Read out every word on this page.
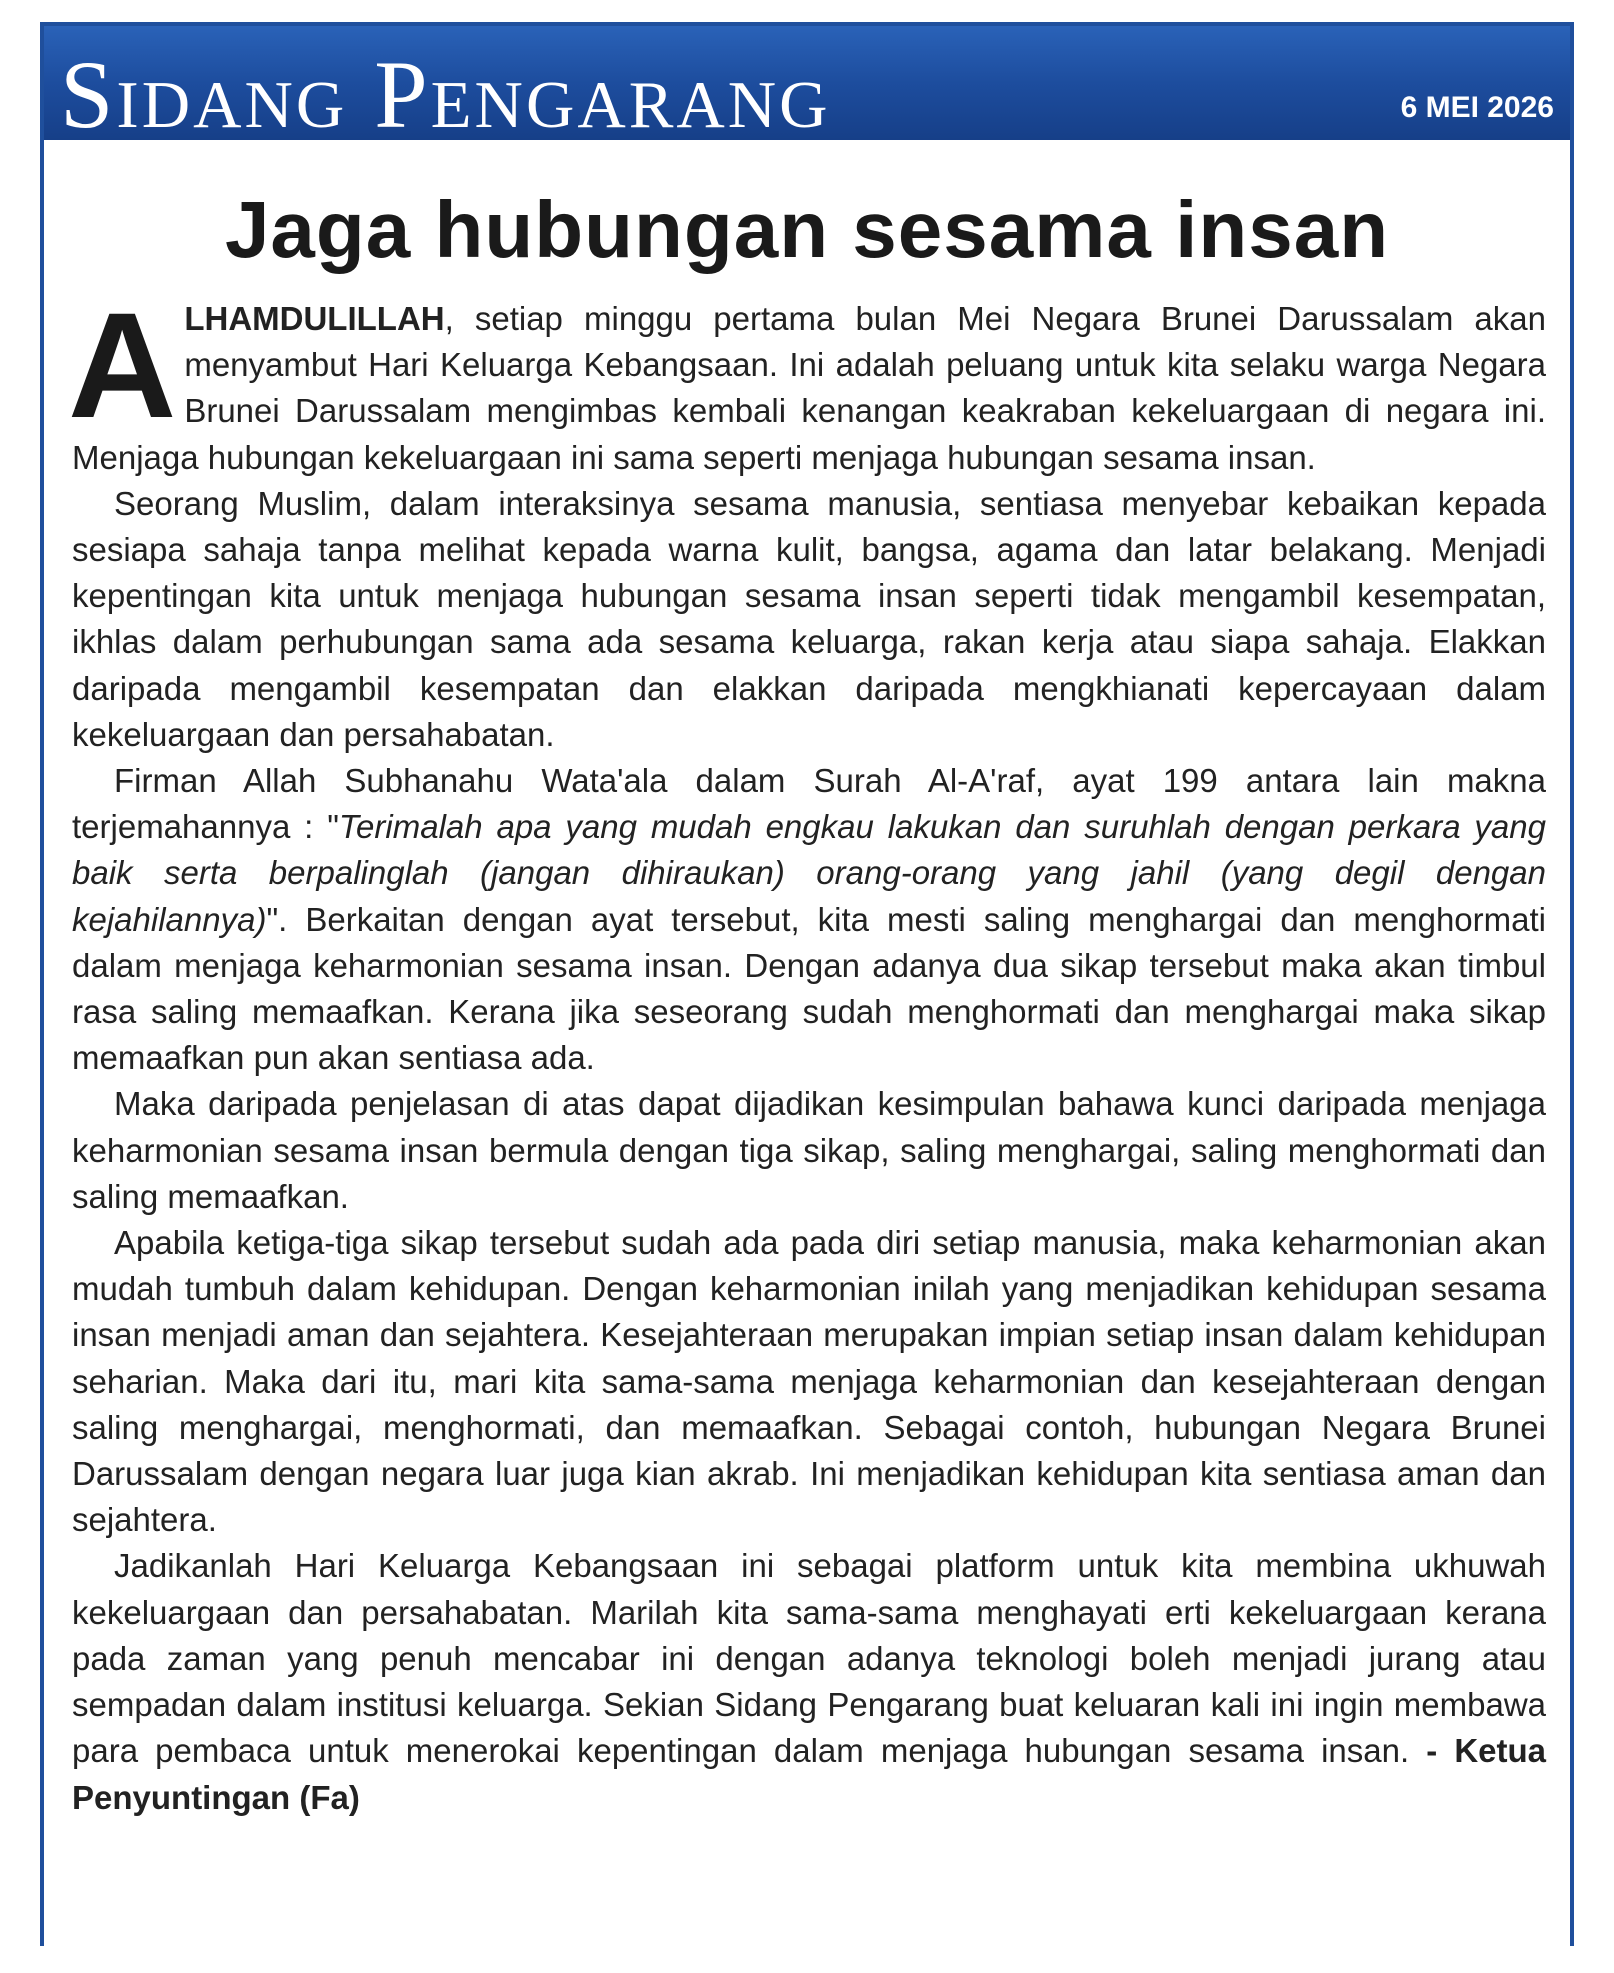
Sidang Pengarang	6 MEI 2026
Jaga hubungan sesama insan

ALHAMDULILLAH, setiap minggu pertama bulan Mei Negara Brunei Darussalam akan menyambut Hari Keluarga Kebangsaan. Ini adalah peluang untuk kita selaku warga Negara Brunei Darussalam mengimbas kembali kenangan keakraban kekeluargaan di negara ini. Menjaga hubungan kekeluargaan ini sama seperti menjaga hubungan sesama insan.

Seorang Muslim, dalam interaksinya sesama manusia, sentiasa menyebar kebaikan kepada sesiapa sahaja tanpa melihat kepada warna kulit, bangsa, agama dan latar belakang. Menjadi kepentingan kita untuk menjaga hubungan sesama insan seperti tidak mengambil kesempatan, ikhlas dalam perhubungan sama ada sesama keluarga, rakan kerja atau siapa sahaja. Elakkan daripada mengambil kesempatan dan elakkan daripada mengkhianati kepercayaan dalam kekeluargaan dan persahabatan.

Firman Allah Subhanahu Wata'ala dalam Surah Al-A'raf, ayat 199 antara lain makna terjemahannya : "Terimalah apa yang mudah engkau lakukan dan suruhlah dengan perkara yang baik serta berpalinglah (jangan dihiraukan) orang-orang yang jahil (yang degil dengan kejahilannya)". Berkaitan dengan ayat tersebut, kita mesti saling menghargai dan menghormati dalam menjaga keharmonian sesama insan. Dengan adanya dua sikap tersebut maka akan timbul rasa saling memaafkan. Kerana jika seseorang sudah menghormati dan menghargai maka sikap memaafkan pun akan sentiasa ada.

Maka daripada penjelasan di atas dapat dijadikan kesimpulan bahawa kunci daripada menjaga keharmonian sesama insan bermula dengan tiga sikap, saling menghargai, saling menghormati dan saling memaafkan.

Apabila ketiga-tiga sikap tersebut sudah ada pada diri setiap manusia, maka keharmonian akan mudah tumbuh dalam kehidupan. Dengan keharmonian inilah yang menjadikan kehidupan sesama insan menjadi aman dan sejahtera. Kesejahteraan merupakan impian setiap insan dalam kehidupan seharian. Maka dari itu, mari kita sama-sama menjaga keharmonian dan kesejahteraan dengan saling menghargai, menghormati, dan memaafkan. Sebagai contoh, hubungan Negara Brunei Darussalam dengan negara luar juga kian akrab. Ini menjadikan kehidupan kita sentiasa aman dan sejahtera.

Jadikanlah Hari Keluarga Kebangsaan ini sebagai platform untuk kita membina ukhuwah kekeluargaan dan persahabatan. Marilah kita sama-sama menghayati erti kekeluargaan kerana pada zaman yang penuh mencabar ini dengan adanya teknologi boleh menjadi jurang atau sempadan dalam institusi keluarga. Sekian Sidang Pengarang buat keluaran kali ini ingin membawa para pembaca untuk menerokai kepentingan dalam menjaga hubungan sesama insan. - Ketua Penyuntingan (Fa)
